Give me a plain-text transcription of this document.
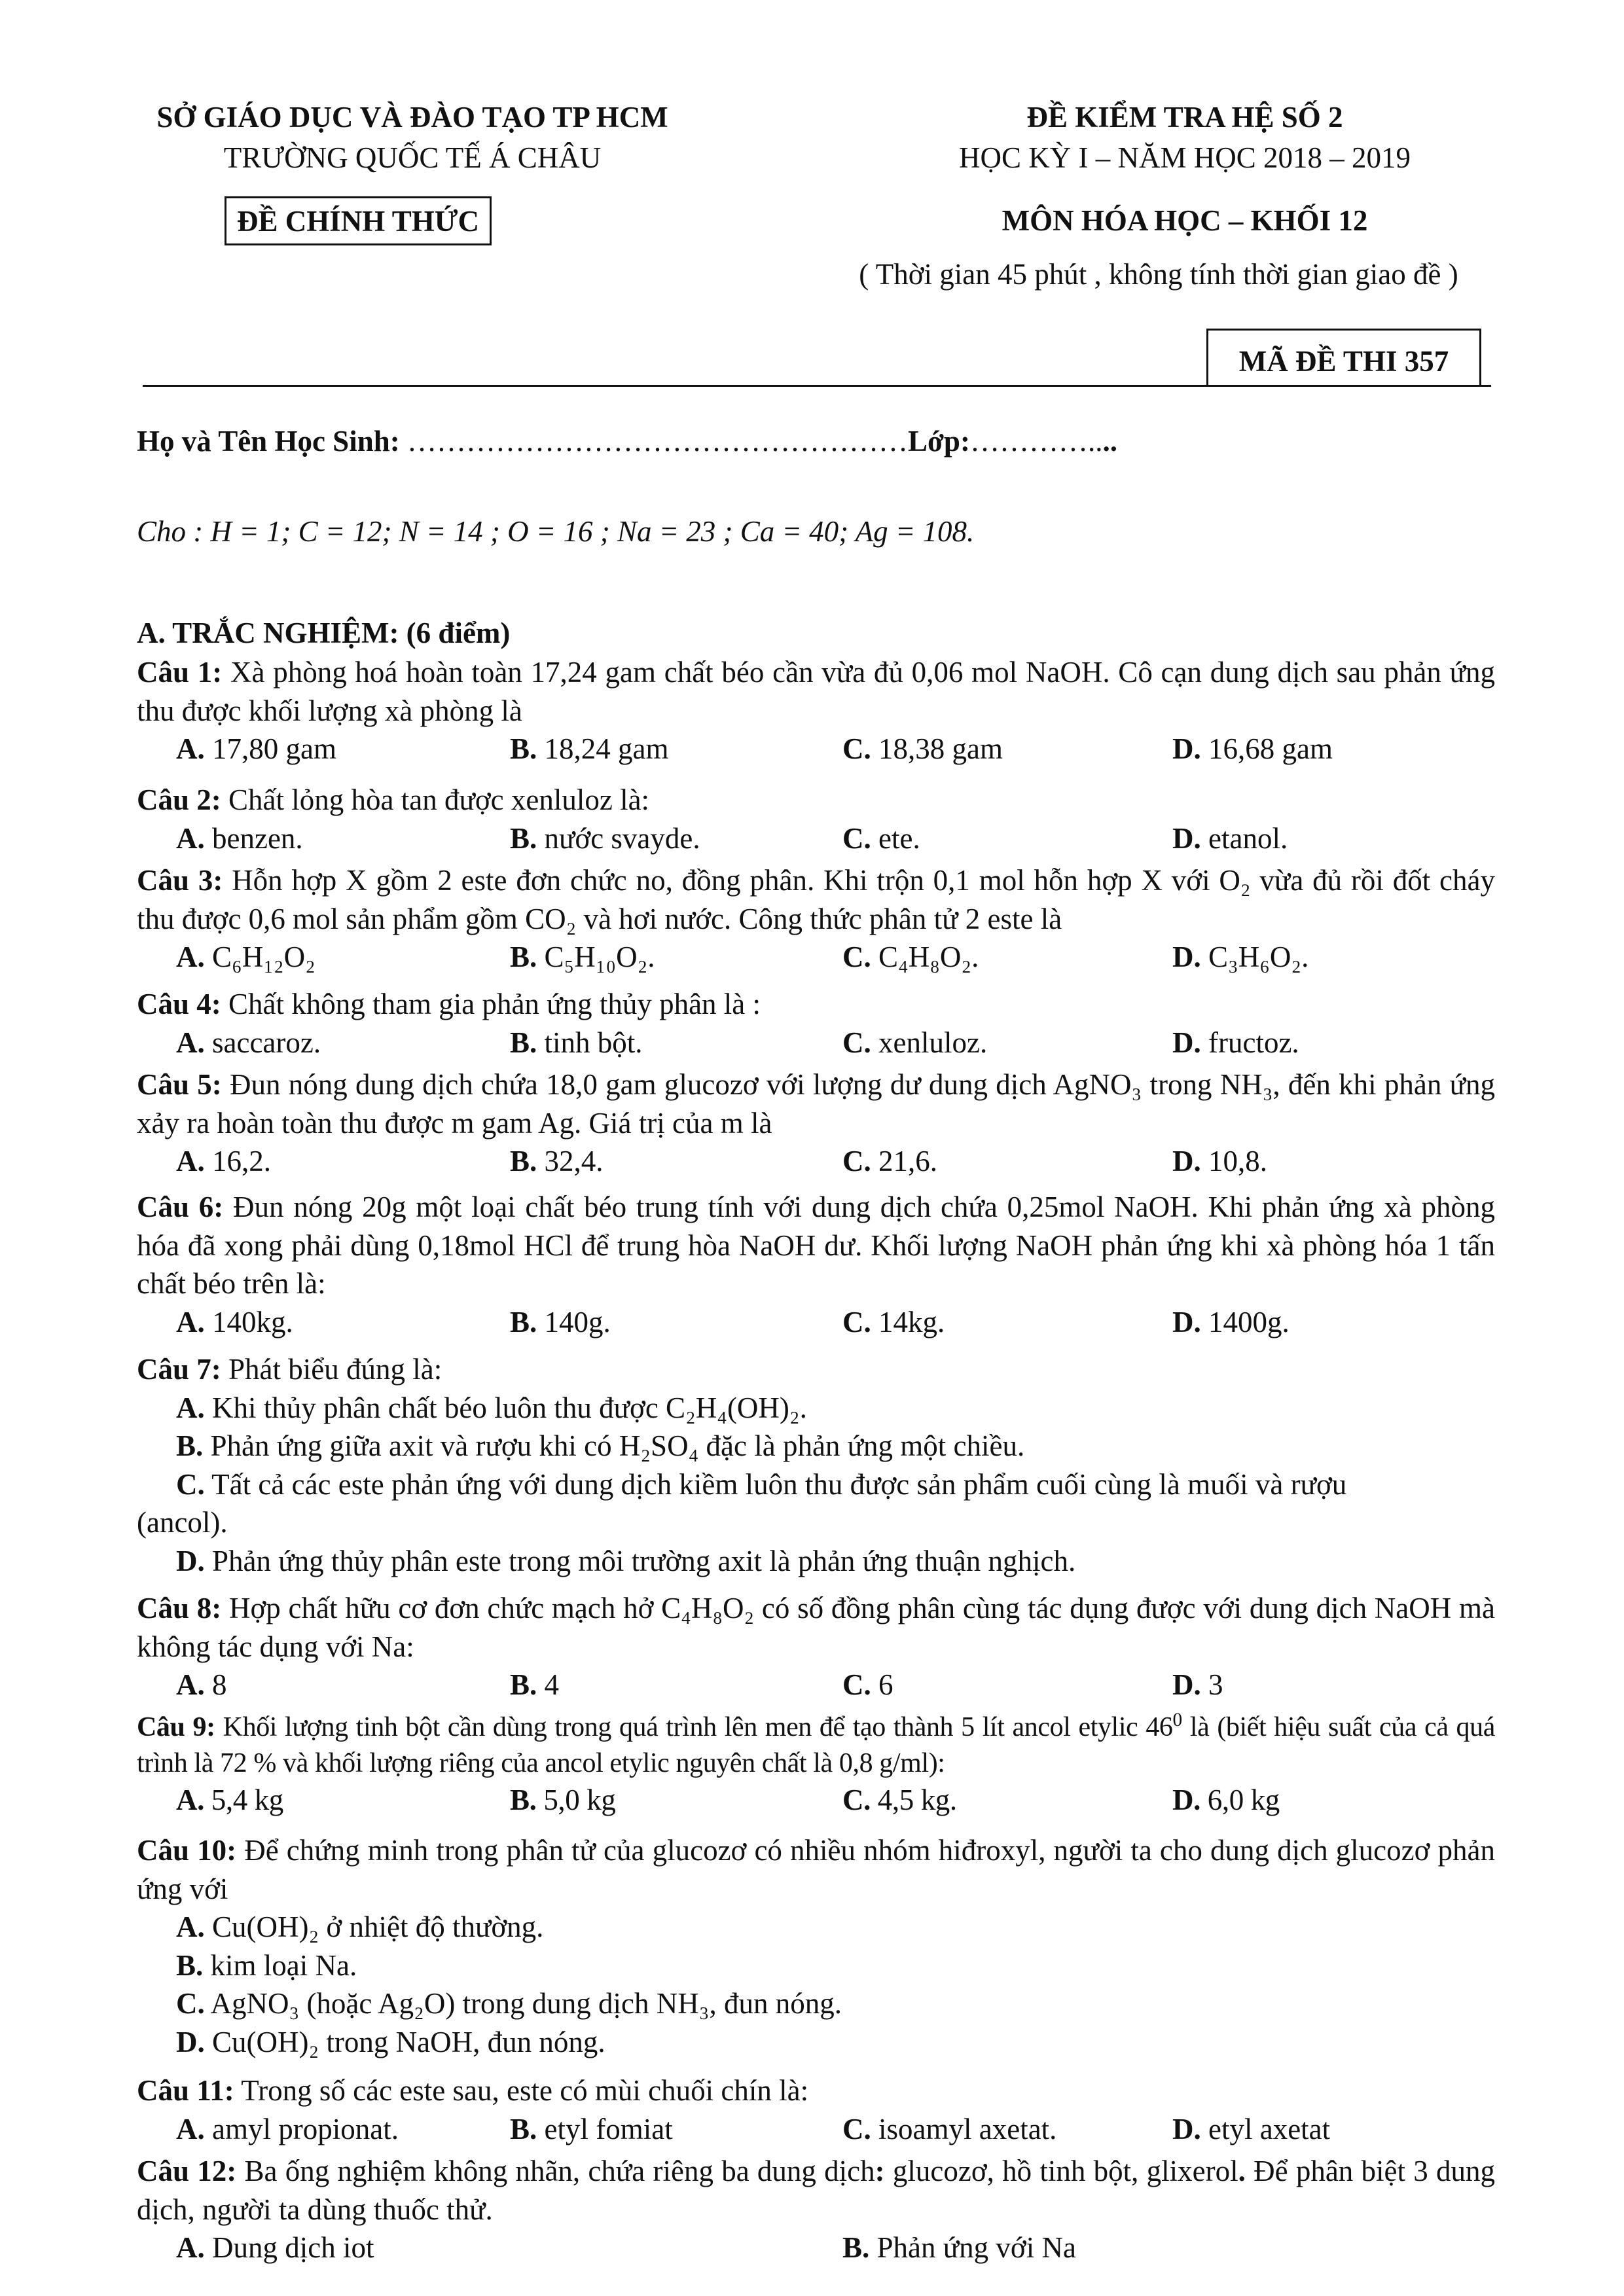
SỞ GIÁO DỤC VÀ ĐÀO TẠO TP HCM
TRƯỜNG QUỐC TẾ Á CHÂU
ĐỀ CHÍNH THỨC
ĐỀ KIỂM TRA HỆ SỐ 2
HỌC KỲ I – NĂM HỌC 2018 – 2019
MÔN HÓA HỌC – KHỐI 12
( Thời gian 45 phút , không tính thời gian giao đề )
MÃ ĐỀ THI 357
Họ và Tên Học Sinh: ……………………………………………Lớp:…………....
Cho : H = 1; C = 12; N = 14 ; O = 16 ; Na = 23 ; Ca = 40; Ag = 108.
A. TRẮC NGHIỆM: (6 điểm)

Câu 1: Xà phòng hoá hoàn toàn 17,24 gam chất béo cần vừa đủ 0,06 mol NaOH. Cô cạn dung dịch sau phản ứng thu được khối lượng xà phòng là

A. 17,80 gam	B. 18,24 gam	C. 18,38 gam	D. 16,68 gam

Câu 2: Chất lỏng hòa tan được xenluloz là:

A. benzen.	B. nước svayde.	C. ete.	D. etanol.

Câu 3: Hỗn hợp X gồm 2 este đơn chức no, đồng phân. Khi trộn 0,1 mol hỗn hợp X với O₂ vừa đủ rồi đốt cháy thu được 0,6 mol sản phẩm gồm CO₂ và hơi nước. Công thức phân tử 2 este là

A. C₆H₁₂O₂	B. C₅H₁₀O₂.	C. C₄H₈O₂.	D. C₃H₆O₂.

Câu 4: Chất không tham gia phản ứng thủy phân là :

A. saccaroz.	B. tinh bột.	C. xenluloz.	D. fructoz.

Câu 5: Đun nóng dung dịch chứa 18,0 gam glucozơ với lượng dư dung dịch AgNO₃ trong NH₃, đến khi phản ứng xảy ra hoàn toàn thu được m gam Ag. Giá trị của m là

A. 16,2.	B. 32,4.	C. 21,6.	D. 10,8.

Câu 6: Đun nóng 20g một loại chất béo trung tính với dung dịch chứa 0,25mol NaOH. Khi phản ứng xà phòng hóa đã xong phải dùng 0,18mol HCl để trung hòa NaOH dư. Khối lượng NaOH phản ứng khi xà phòng hóa 1 tấn chất béo trên là:

A. 140kg.	B. 140g.	C. 14kg.	D. 1400g.

Câu 7: Phát biểu đúng là:

A. Khi thủy phân chất béo luôn thu được C₂H₄(OH)₂.

B. Phản ứng giữa axit và rượu khi có H₂SO₄ đặc là phản ứng một chiều.

C. Tất cả các este phản ứng với dung dịch kiềm luôn thu được sản phẩm cuối cùng là muối và rượu

(ancol).

D. Phản ứng thủy phân este trong môi trường axit là phản ứng thuận nghịch.

Câu 8: Hợp chất hữu cơ đơn chức mạch hở C₄H₈O₂ có số đồng phân cùng tác dụng được với dung dịch NaOH mà không tác dụng với Na:

A. 8	B. 4	C. 6	D. 3

Câu 9: Khối lượng tinh bột cần dùng trong quá trình lên men để tạo thành 5 lít ancol etylic $46^0$ là (biết hiệu suất của cả quá trình là 72 % và khối lượng riêng của ancol etylic nguyên chất là 0,8 g/ml):

A. 5,4 kg	B. 5,0 kg	C. 4,5 kg.	D. 6,0 kg

Câu 10: Để chứng minh trong phân tử của glucozơ có nhiều nhóm hiđroxyl, người ta cho dung dịch glucozơ phản ứng với

A. Cu(OH)₂ ở nhiệt độ thường.

B. kim loại Na.

C. AgNO₃ (hoặc Ag₂O) trong dung dịch NH₃, đun nóng.

D. Cu(OH)₂ trong NaOH, đun nóng.

Câu 11: Trong số các este sau, este có mùi chuối chín là:

A. amyl propionat.	B. etyl fomiat	C. isoamyl axetat.	D. etyl axetat

Câu 12: Ba ống nghiệm không nhãn, chứa riêng ba dung dịch: glucozơ, hồ tinh bột, glixerol. Để phân biệt 3 dung dịch, người ta dùng thuốc thử.

A. Dung dịch iot	B. Phản ứng với Na
